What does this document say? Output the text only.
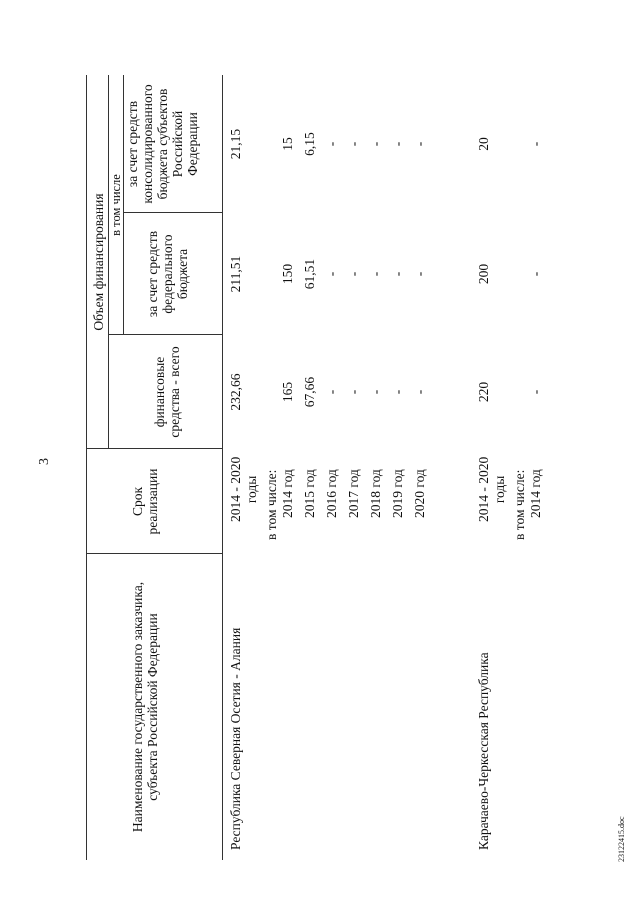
3
Наименование государственного заказчика, субъекта Российской Федерации
Срок реализации
Объем финансирования
финансовые средства - всего
в том числе
за счет средств федерального бюджета
за счет средств консолидированного бюджета субъектов Российской Федерации
Республика Северная Осетия - Алания
2014 - 2020 годы
232,66
211,51
21,15
в том числе: 2014 год
165
150
15
2015 год
67,66
61,51
6,15
2016 год
-
-
-
2017 год
-
-
-
2018 год
-
-
-
2019 год
-
-
-
2020 год
-
-
-
Карачаево-Черкесская Республика
2014 - 2020 годы
220
200
20
в том числе: 2014 год
-
-
-
23122415.doc
